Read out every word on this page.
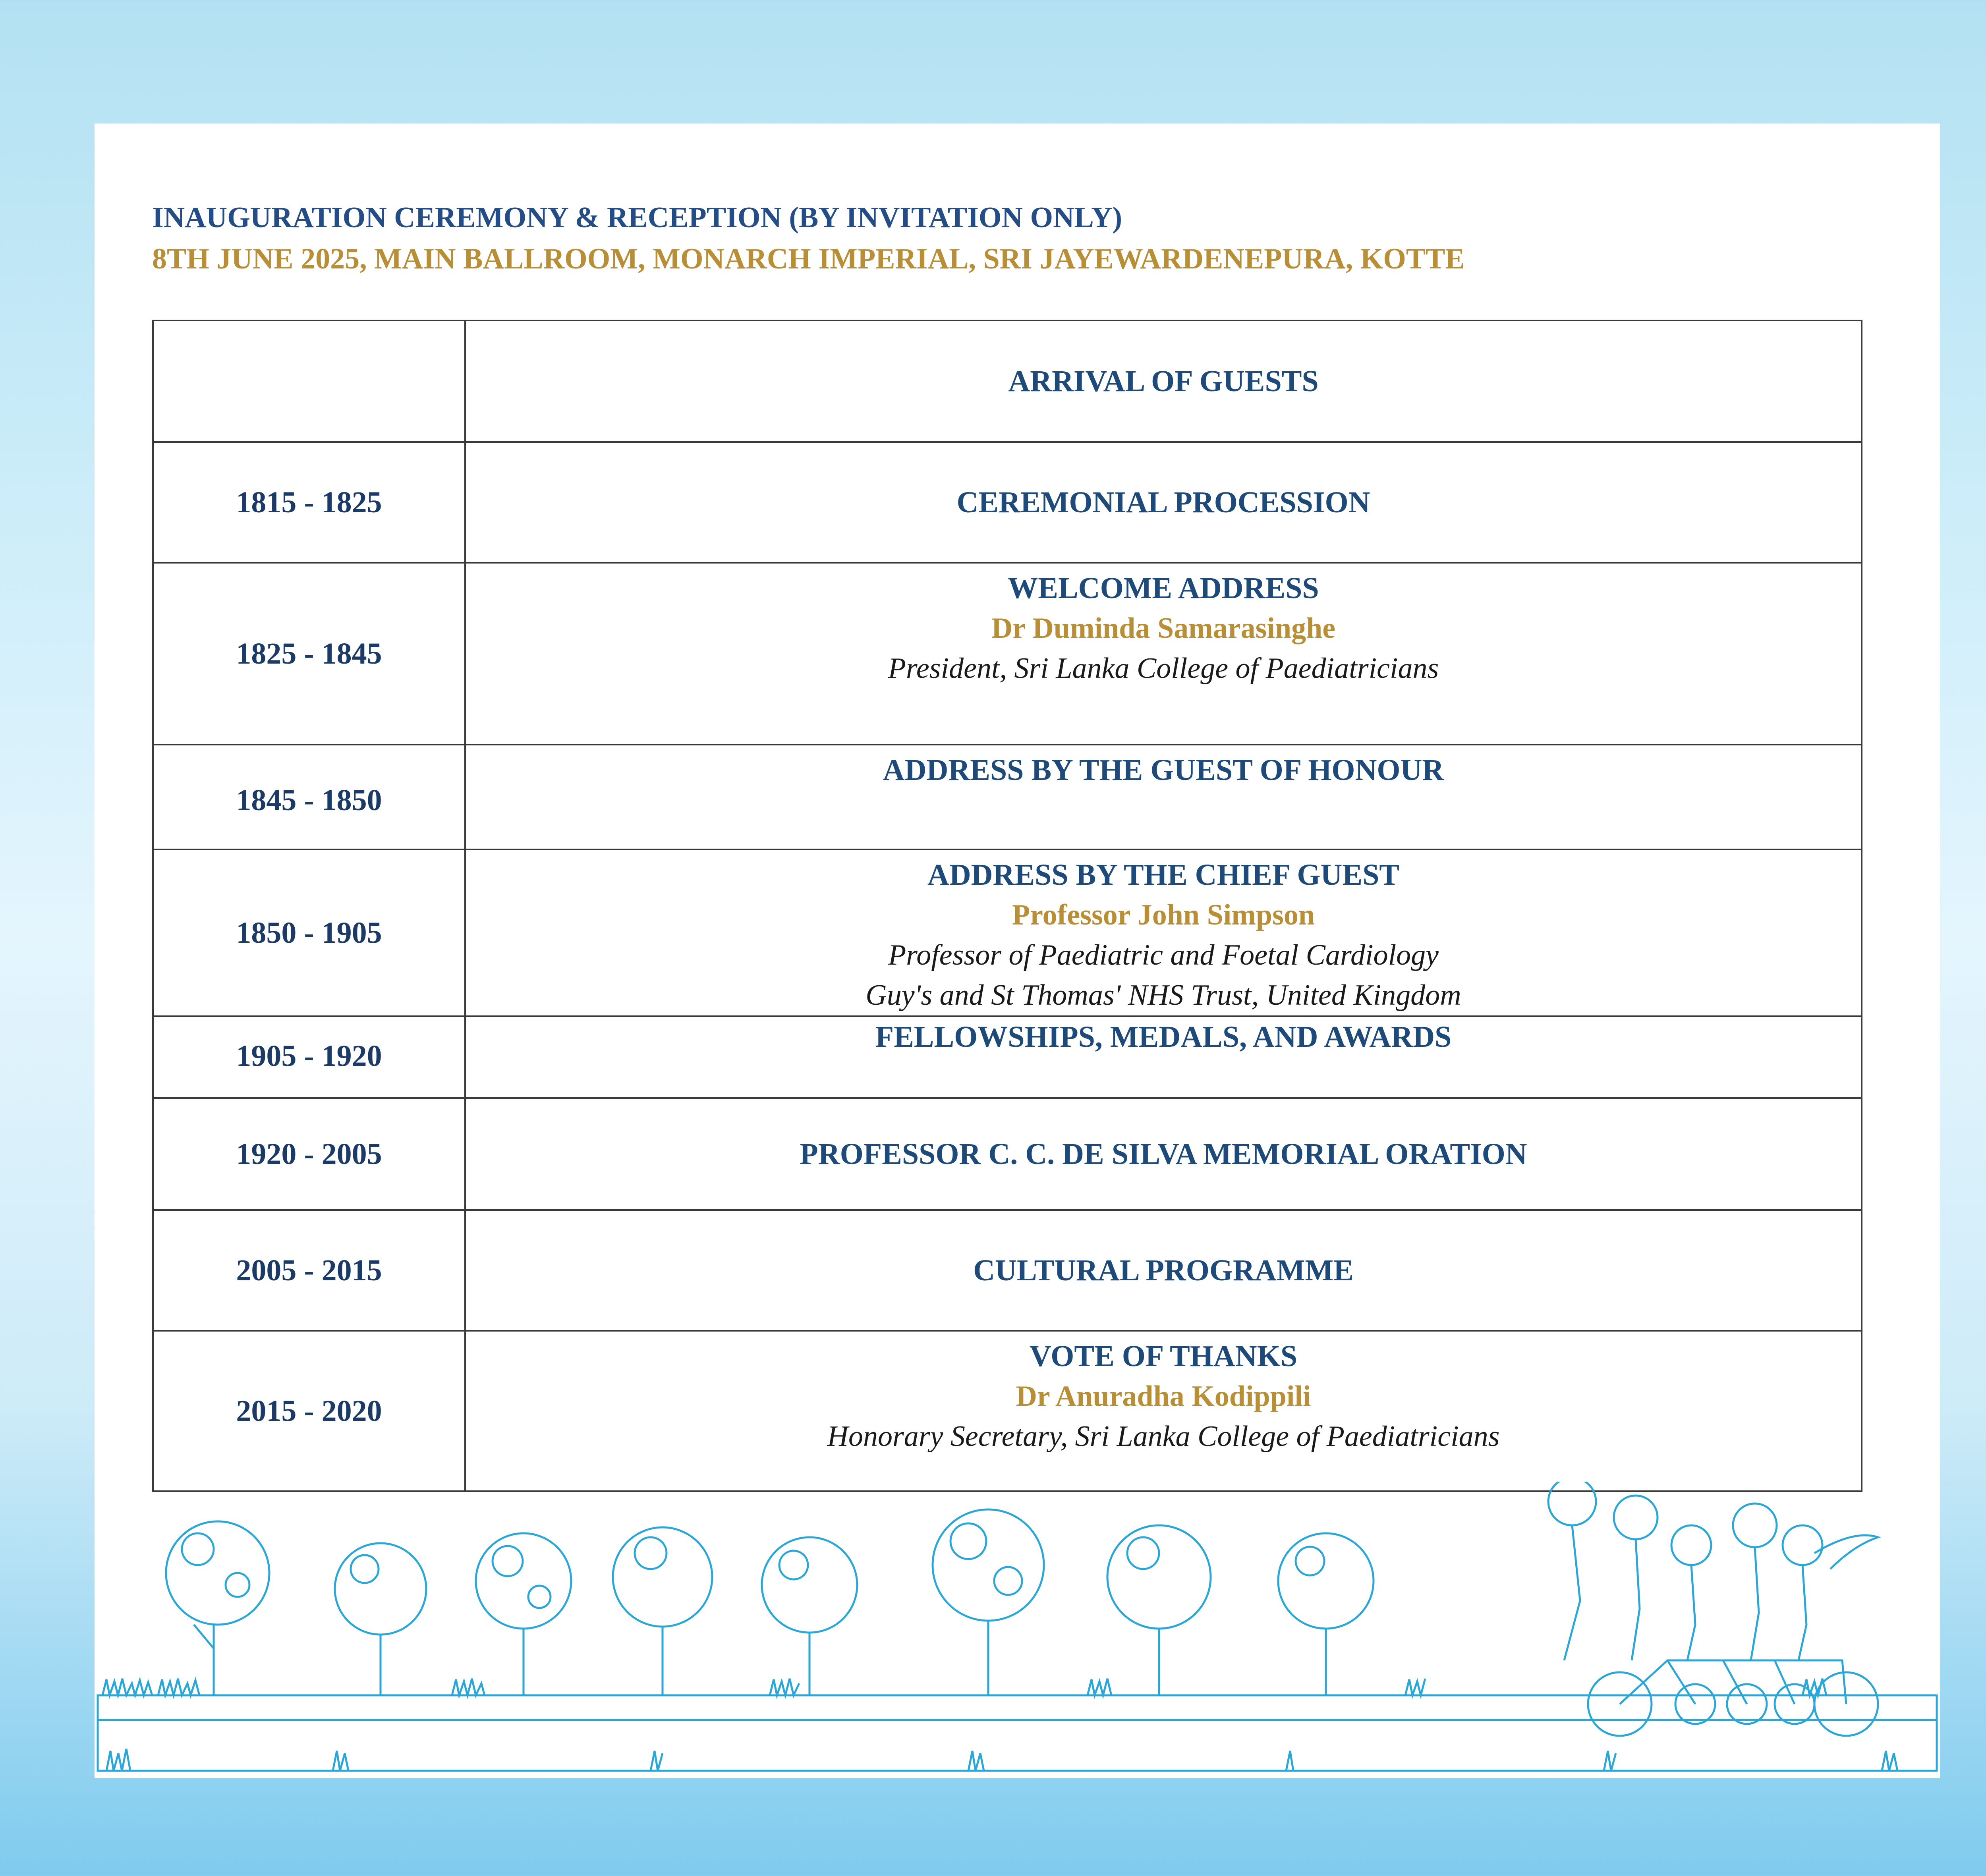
INAUGURATION CEREMONY & RECEPTION (BY INVITATION ONLY)
8TH JUNE 2025, MAIN BALLROOM, MONARCH IMPERIAL, SRI JAYEWARDENEPURA, KOTTE

	ARRIVAL OF GUESTS

1815 - 1825	CEREMONIAL PROCESSION

1825 - 1845	WELCOME ADDRESS
Dr Duminda Samarasinghe
President, Sri Lanka College of Paediatricians

1845 - 1850	ADDRESS BY THE GUEST OF HONOUR

1850 - 1905	ADDRESS BY THE CHIEF GUEST
Professor John Simpson
Professor of Paediatric and Foetal Cardiology
Guy's and St Thomas' NHS Trust, United Kingdom

1905 - 1920	FELLOWSHIPS, MEDALS, AND AWARDS

1920 - 2005	PROFESSOR C. C. DE SILVA MEMORIAL ORATION

2005 - 2015	CULTURAL PROGRAMME

2015 - 2020	VOTE OF THANKS
Dr Anuradha Kodippili
Honorary Secretary, Sri Lanka College of Paediatricians
